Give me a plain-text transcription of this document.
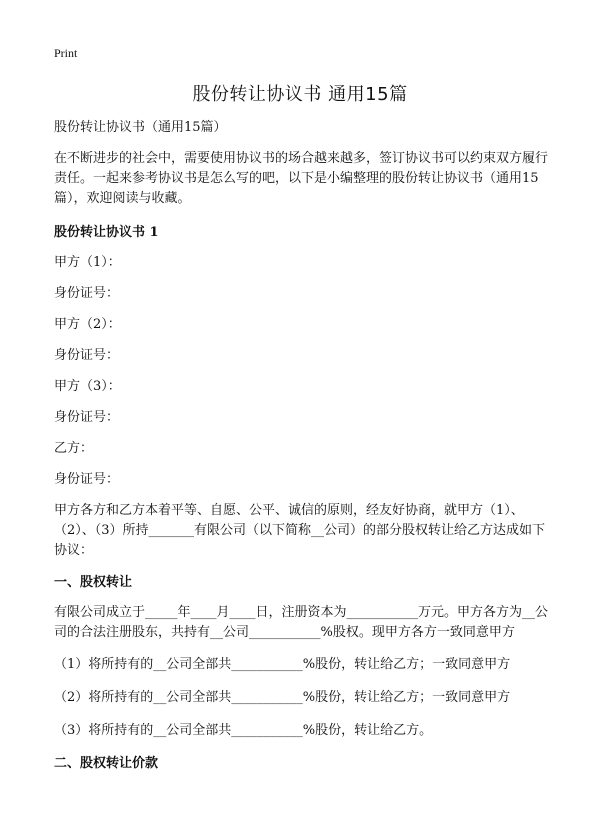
Print
股份转让协议书 通用15篇

股份转让协议书（通用15篇）

在不断进步的社会中，需要使用协议书的场合越来越多，签订协议书可以约束双方履行责任。一起来参考协议书是怎么写的吧，以下是小编整理的股份转让协议书（通用15篇），欢迎阅读与收藏。

股份转让协议书 1

甲方（1）：

身份证号：

甲方（2）：

身份证号：

甲方（3）：

身份证号：

乙方：

身份证号：

甲方各方和乙方本着平等、自愿、公平、诚信的原则，经友好协商，就甲方（1）、（2）、（3）所持_______有限公司（以下简称__公司）的部分股权转让给乙方达成如下协议：

一、股权转让

有限公司成立于_____年____月____日，注册资本为___________万元。甲方各方为__公司的合法注册股东，共持有__公司___________%股权。现甲方各方一致同意甲方

（1）将所持有的__公司全部共___________%股份，转让给乙方；一致同意甲方

（2）将所持有的__公司全部共___________%股份，转让给乙方；一致同意甲方

（3）将所持有的__公司全部共___________%股份，转让给乙方。

二、股权转让价款
